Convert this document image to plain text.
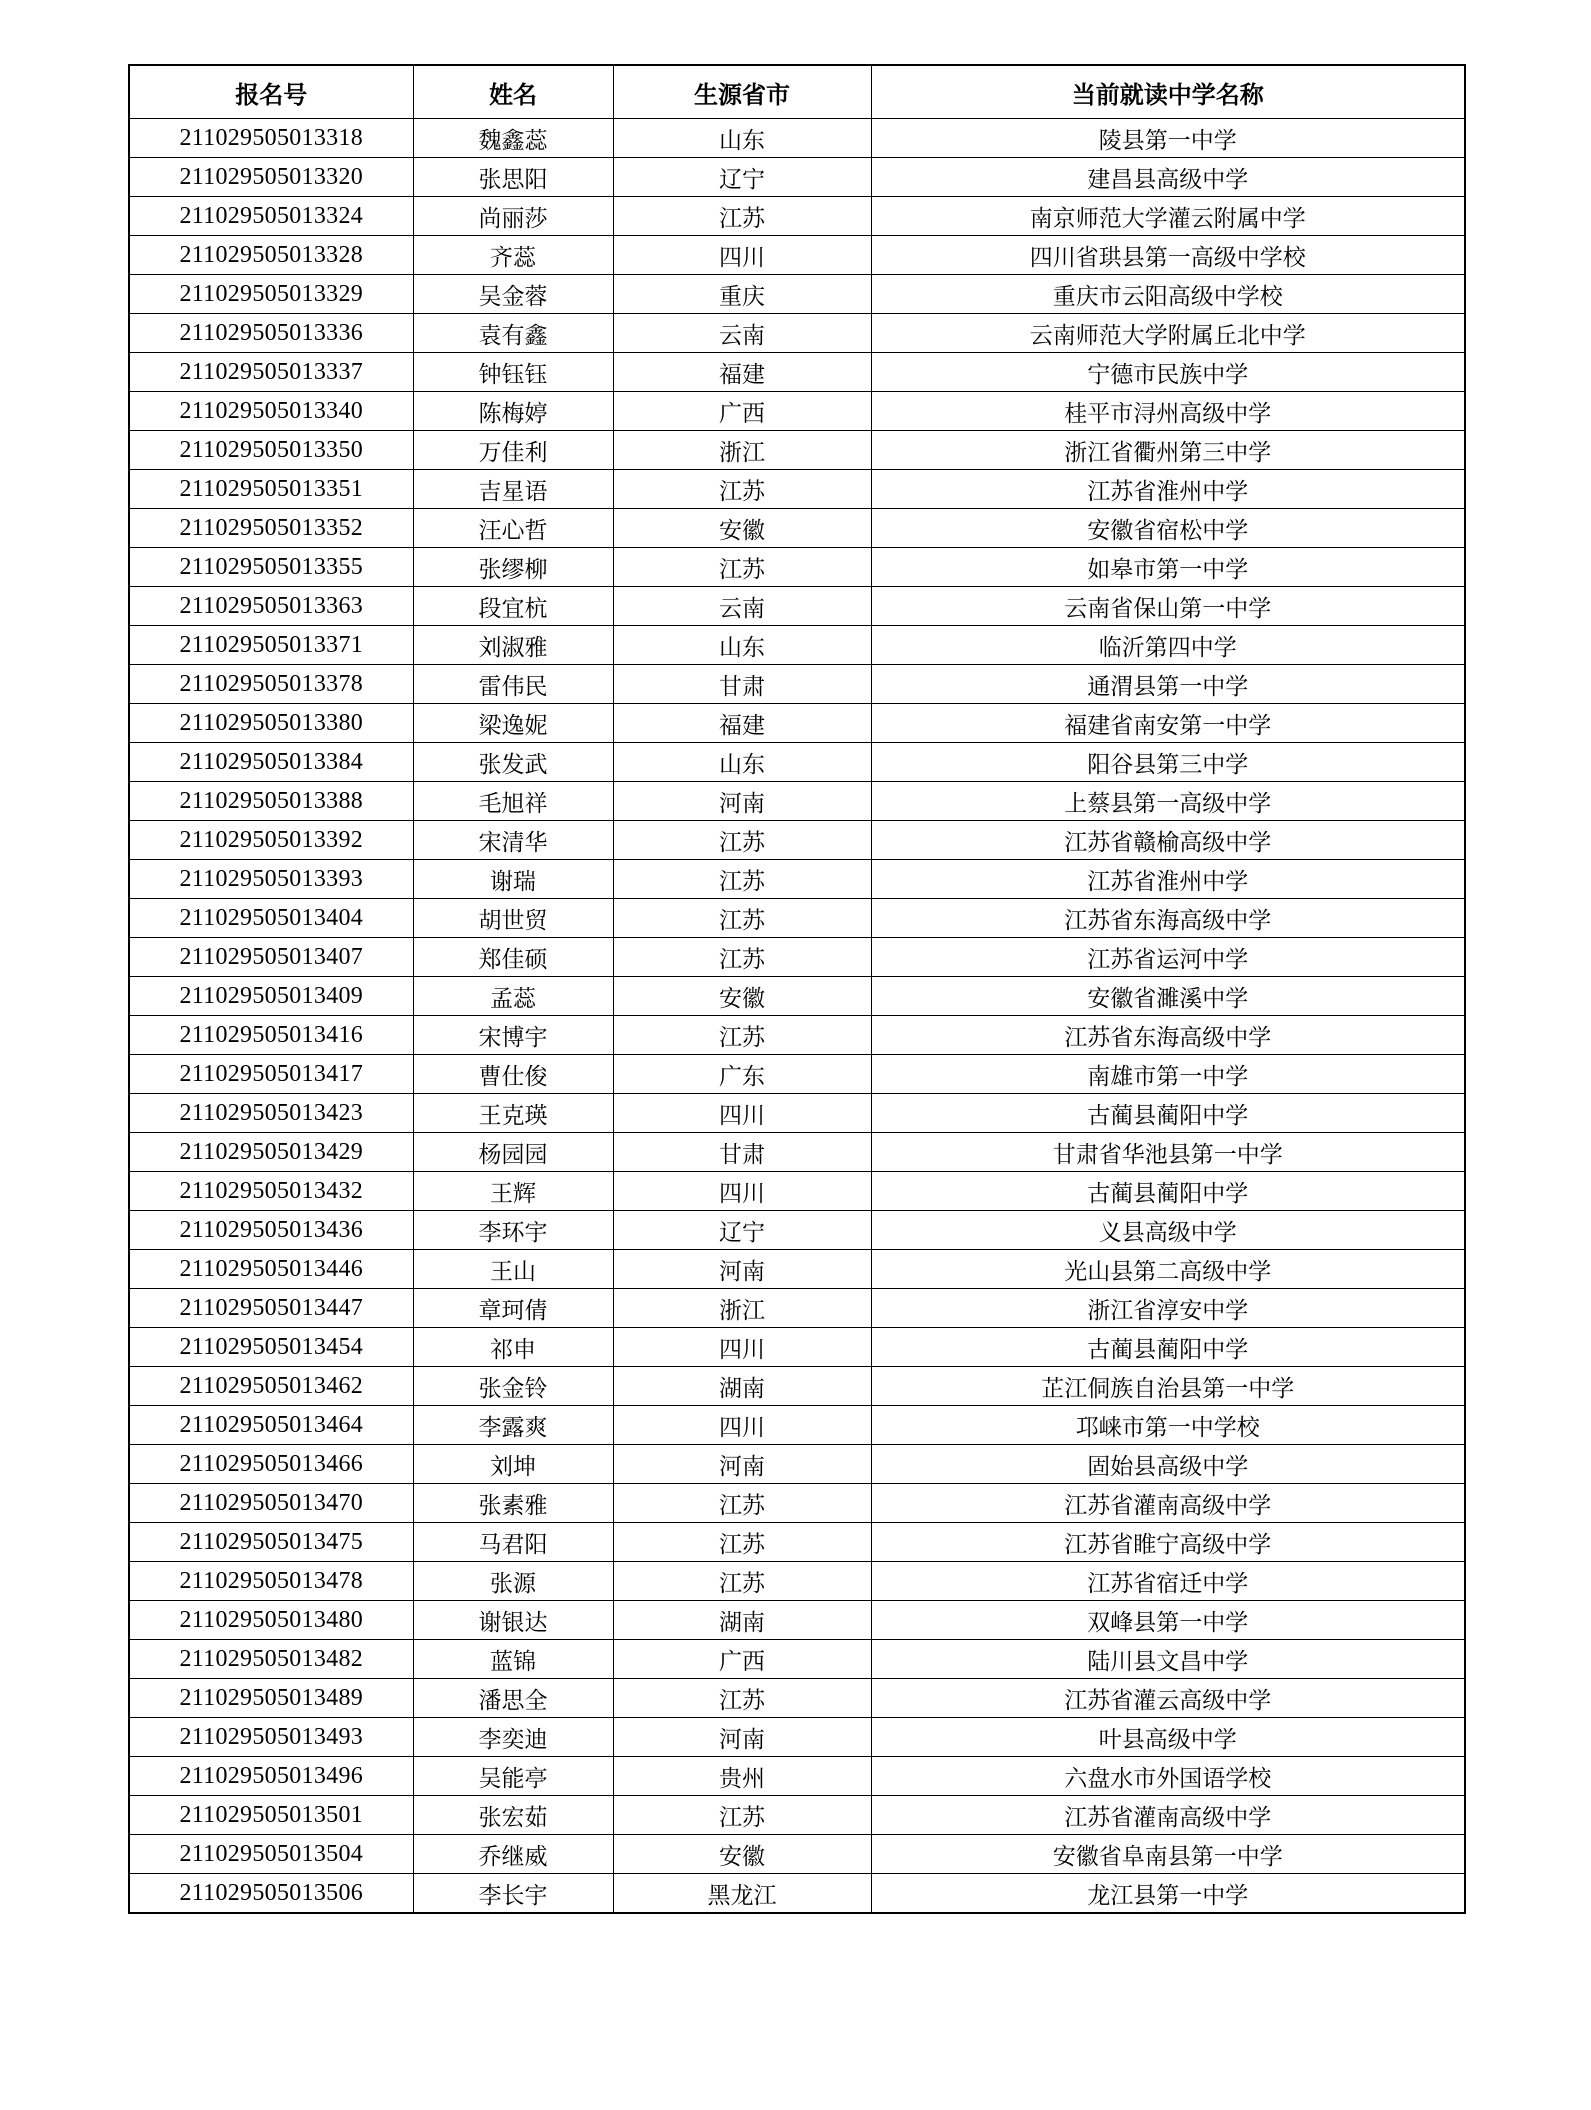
报名号	姓名	生源省市	当前就读中学名称
211029505013318	魏鑫蕊	山东	陵县第一中学
211029505013320	张思阳	辽宁	建昌县高级中学
211029505013324	尚丽莎	江苏	南京师范大学灌云附属中学
211029505013328	齐蕊	四川	四川省珙县第一高级中学校
211029505013329	吴金蓉	重庆	重庆市云阳高级中学校
211029505013336	袁有鑫	云南	云南师范大学附属丘北中学
211029505013337	钟钰钰	福建	宁德市民族中学
211029505013340	陈梅婷	广西	桂平市浔州高级中学
211029505013350	万佳利	浙江	浙江省衢州第三中学
211029505013351	吉星语	江苏	江苏省淮州中学
211029505013352	汪心哲	安徽	安徽省宿松中学
211029505013355	张缪柳	江苏	如皋市第一中学
211029505013363	段宜杭	云南	云南省保山第一中学
211029505013371	刘淑雅	山东	临沂第四中学
211029505013378	雷伟民	甘肃	通渭县第一中学
211029505013380	梁逸妮	福建	福建省南安第一中学
211029505013384	张发武	山东	阳谷县第三中学
211029505013388	毛旭祥	河南	上蔡县第一高级中学
211029505013392	宋清华	江苏	江苏省赣榆高级中学
211029505013393	谢瑞	江苏	江苏省淮州中学
211029505013404	胡世贸	江苏	江苏省东海高级中学
211029505013407	郑佳硕	江苏	江苏省运河中学
211029505013409	孟蕊	安徽	安徽省濉溪中学
211029505013416	宋博宇	江苏	江苏省东海高级中学
211029505013417	曹仕俊	广东	南雄市第一中学
211029505013423	王克瑛	四川	古蔺县蔺阳中学
211029505013429	杨园园	甘肃	甘肃省华池县第一中学
211029505013432	王辉	四川	古蔺县蔺阳中学
211029505013436	李环宇	辽宁	义县高级中学
211029505013446	王山	河南	光山县第二高级中学
211029505013447	章珂倩	浙江	浙江省淳安中学
211029505013454	祁申	四川	古蔺县蔺阳中学
211029505013462	张金铃	湖南	芷江侗族自治县第一中学
211029505013464	李露爽	四川	邛崃市第一中学校
211029505013466	刘坤	河南	固始县高级中学
211029505013470	张素雅	江苏	江苏省灌南高级中学
211029505013475	马君阳	江苏	江苏省睢宁高级中学
211029505013478	张源	江苏	江苏省宿迁中学
211029505013480	谢银达	湖南	双峰县第一中学
211029505013482	蓝锦	广西	陆川县文昌中学
211029505013489	潘思全	江苏	江苏省灌云高级中学
211029505013493	李奕迪	河南	叶县高级中学
211029505013496	吴能亭	贵州	六盘水市外国语学校
211029505013501	张宏茹	江苏	江苏省灌南高级中学
211029505013504	乔继威	安徽	安徽省阜南县第一中学
211029505013506	李长宇	黑龙江	龙江县第一中学
